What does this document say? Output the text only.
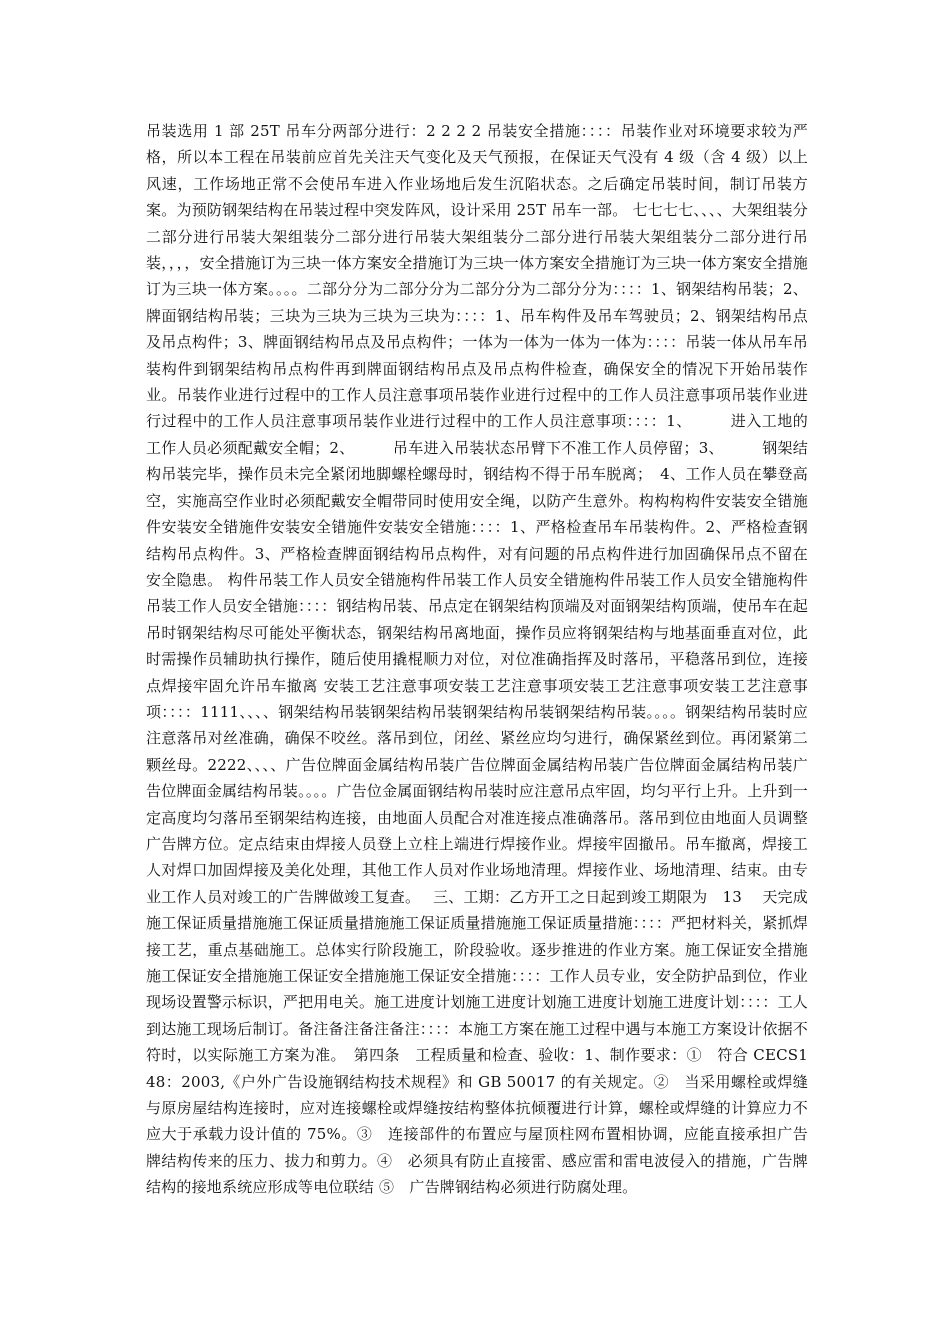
吊装选用 1 部 25T 吊车分两部分进行：2 2 2 2 吊装安全措施：：：：吊装作业对环境要求较为严格，所以本工程在吊装前应首先关注天气变化及天气预报，在保证天气没有 4 级（含 4 级）以上风速，工作场地正常不会使吊车进入作业场地后发生沉陷状态。之后确定吊装时间，制订吊装方案。为预防钢架结构在吊装过程中突发阵风，设计采用 25T 吊车一部。 七七七七、、、、大架组装分二部分进行吊装大架组装分二部分进行吊装大架组装分二部分进行吊装大架组装分二部分进行吊装，，，，安全措施订为三块一体方案安全措施订为三块一体方案安全措施订为三块一体方案安全措施订为三块一体方案。。。。二部分分为二部分分为二部分分为二部分分为：：：：1、钢架结构吊装；2、牌面钢结构吊装；三块为三块为三块为三块为：：：：1、吊车构件及吊车驾驶员；2、钢架结构吊点及吊点构件；3、牌面钢结构吊点及吊点构件；一体为一体为一体为一体为：：：：吊装一体从吊车吊装构件到钢架结构吊点构件再到牌面钢结构吊点及吊点构件检查，确保安全的情况下开始吊装作业。吊装作业进行过程中的工作人员注意事项吊装作业进行过程中的工作人员注意事项吊装作业进行过程中的工作人员注意事项吊装作业进行过程中的工作人员注意事项：：：：1、　　　进入工地的工作人员必须配戴安全帽；2、　　　吊车进入吊装状态吊臂下不准工作人员停留；3、　　　钢架结构吊装完毕，操作员未完全紧闭地脚螺栓螺母时，钢结构不得于吊车脱离；　4、工作人员在攀登高空，实施高空作业时必须配戴安全帽带同时使用安全绳，以防产生意外。构构构构件安装安全错施件安装安全错施件安装安全错施件安装安全错施：：：：1、严格检查吊车吊装构件。2、严格检查钢结构吊点构件。3、严格检查牌面钢结构吊点构件，对有问题的吊点构件进行加固确保吊点不留在安全隐患。 构件吊装工作人员安全错施构件吊装工作人员安全错施构件吊装工作人员安全错施构件吊装工作人员安全错施：：：：钢结构吊装、吊点定在钢架结构顶端及对面钢架结构顶端，使吊车在起吊时钢架结构尽可能处平衡状态，钢架结构吊离地面，操作员应将钢架结构与地基面垂直对位，此时需操作员辅助执行操作，随后使用撬棍顺力对位，对位准确指挥及时落吊，平稳落吊到位，连接点焊接牢固允许吊车撤离 安装工艺注意事项安装工艺注意事项安装工艺注意事项安装工艺注意事项：：：：1111、、、、钢架结构吊装钢架结构吊装钢架结构吊装钢架结构吊装。。。。钢架结构吊装时应注意落吊对丝准确，确保不咬丝。落吊到位，闭丝、紧丝应均匀进行，确保紧丝到位。再闭紧第二颗丝母。2222、、、、广告位牌面金属结构吊装广告位牌面金属结构吊装广告位牌面金属结构吊装广告位牌面金属结构吊装。。。。广告位金属面钢结构吊装时应注意吊点牢固，均匀平行上升。上升到一定高度均匀落吊至钢架结构连接，由地面人员配合对准连接点准确落吊。落吊到位由地面人员调整广告牌方位。定点结束由焊接人员登上立柱上端进行焊接作业。焊接牢固撤吊。吊车撤离，焊接工人对焊口加固焊接及美化处理，其他工作人员对作业场地清理。焊接作业、场地清理、结束。由专业工作人员对竣工的广告牌做竣工复查。　 三、工期：乙方开工之日起到竣工期限为　13　 天完成 施工保证质量措施施工保证质量措施施工保证质量措施施工保证质量措施：：：：严把材料关，紧抓焊接工艺，重点基础施工。总体实行阶段施工，阶段验收。逐步推进的作业方案。施工保证安全措施施工保证安全措施施工保证安全措施施工保证安全措施：：：：工作人员专业，安全防护品到位，作业现场设置警示标识，严把用电关。施工进度计划施工进度计划施工进度计划施工进度计划：：：：工人到达施工现场后制订。备注备注备注备注：：：：本施工方案在施工过程中遇与本施工方案设计依据不符时，以实际施工方案为准。　第四条　工程质量和检查、验收：1、制作要求：①　符合 CECS148：2003,《户外广告设施钢结构技术规程》和 GB 50017 的有关规定。②　当采用螺栓或焊缝与原房屋结构连接时，应对连接螺栓或焊缝按结构整体抗倾覆进行计算，螺栓或焊缝的计算应力不应大于承载力设计值的 75%。③　连接部件的布置应与屋顶柱网布置相协调，应能直接承担广告牌结构传来的压力、拔力和剪力。④　必须具有防止直接雷、感应雷和雷电波侵入的措施，广告牌结构的接地系统应形成等电位联结 ⑤　广告牌钢结构必须进行防腐处理。
